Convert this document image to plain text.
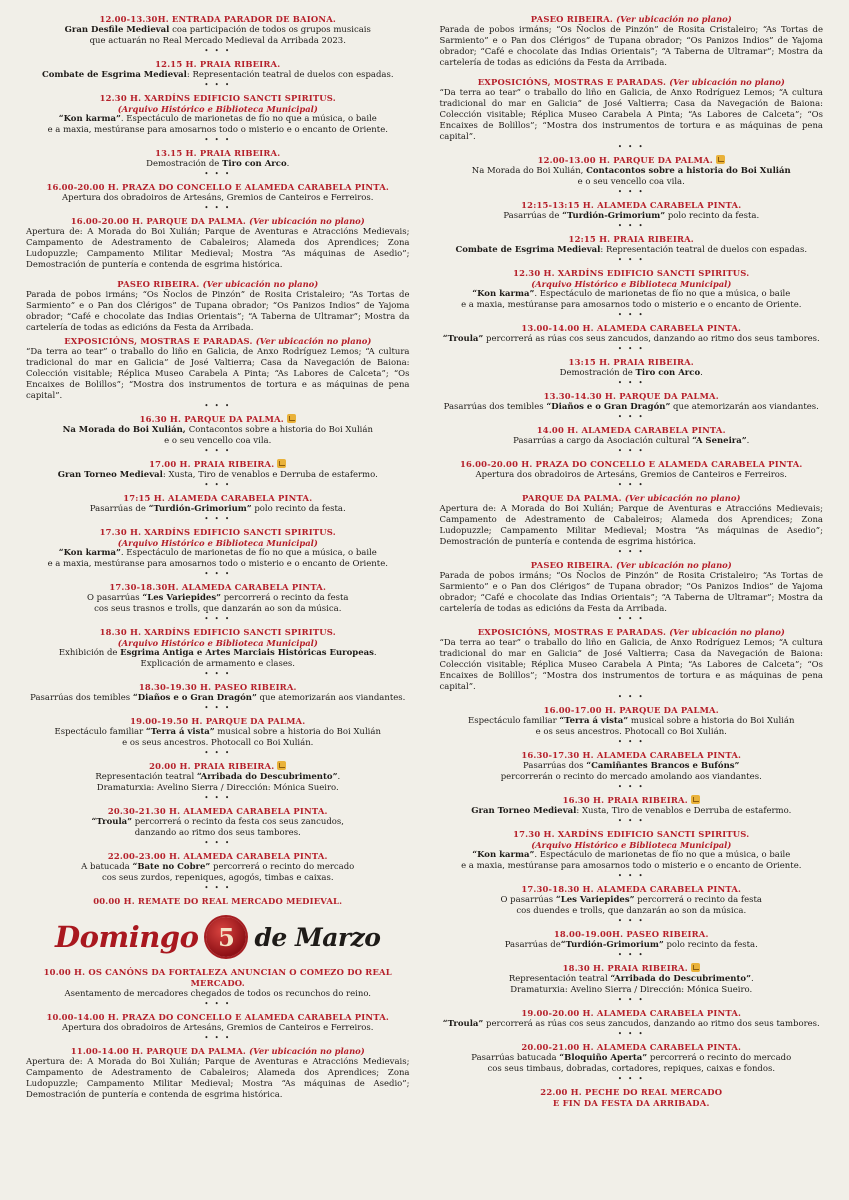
12.00-13.30H. ENTRADA PARADOR DE BAIONA.
Gran Desfile Medieval coa participación de todos os grupos musicais
que actuarán no Real Mercado Medieval da Arribada 2023.
• • •
12.15 H. PRAIA RIBEIRA.
Combate de Esgrima Medieval: Representación teatral de duelos con espadas.
• • •
12.30 H. XARDÍNS EDIFICIO SANCTI SPIRITUS.
(Arquivo Histórico e Biblioteca Municipal)
“Kon karma”. Espectáculo de marionetas de fío no que a música, o baile
e a maxia, mestúranse para amosarnos todo o misterio e o encanto de Oriente.
• • •
13.15 H. PRAIA RIBEIRA.
Demostración de Tiro con Arco.
• • •
16.00-20.00 H. PRAZA DO CONCELLO E ALAMEDA CARABELA PINTA.
Apertura dos obradoiros de Artesáns, Gremios de Canteiros e Ferreiros.
• • •
16.00-20.00 H. PARQUE DA PALMA. (Ver ubicación no plano)
Apertura de: A Morada do Boi Xulián; Parque de Aventuras e Atraccións Medievais; Campamento de Adestramento de Cabaleiros; Alameda dos Aprendices; Zona Ludopuzzle; Campamento Militar Medieval; Mostra “As máquinas de Asedio”; Demostración de puntería e contenda de esgrima histórica.
PASEO RIBEIRA. (Ver ubicación no plano)
Parada de pobos irmáns; “Os Ñoclos de Pinzón” de Rosita Cristaleiro; “As Tortas de Sarmiento” e o Pan dos Clérigos” de Tupana obrador; “Os Panizos Indios” de Yajoma obrador; “Café e chocolate das Indias Orientais”; “A Taberna de Ultramar”; Mostra da cartelería de todas as edicións da Festa da Arribada.
EXPOSICIÓNS, MOSTRAS E PARADAS. (Ver ubicación no plano)
“Da terra ao tear” o traballo do liño en Galicia, de Anxo Rodríguez Lemos; “A cultura tradicional do mar en Galicia” de José Valtierra; Casa da Navegación de Baiona: Colección visitable; Réplica Museo Carabela A Pinta; “As Labores de Calceta”; “Os Encaixes de Bolillos”; “Mostra dos instrumentos de tortura e as máquinas de pena capital”.
• • •
16.30 H. PARQUE DA PALMA.
Na Morada do Boi Xulián, Contacontos sobre a historia do Boi Xulián
e o seu vencello coa vila.
• • •
17.00 H. PRAIA RIBEIRA.
Gran Torneo Medieval: Xusta, Tiro de venablos e Derruba de estafermo.
• • •
17:15 H. ALAMEDA CARABELA PINTA.
Pasarrúas de “Turdión-Grimorium” polo recinto da festa.
• • •
17.30 H. XARDÍNS EDIFICIO SANCTI SPIRITUS.
(Arquivo Histórico e Biblioteca Municipal)
“Kon karma”. Espectáculo de marionetas de fío no que a música, o baile
e a maxia, mestúranse para amosarnos todo o misterio e o encanto de Oriente.
• • •
17.30-18.30H. ALAMEDA CARABELA PINTA.
O pasarrúas “Les Variepides” percorrerá o recinto da festa
cos seus trasnos e trolls, que danzarán ao son da música.
• • •
18.30 H. XARDÍNS EDIFICIO SANCTI SPIRITUS.
(Arquivo Histórico e Biblioteca Municipal)
Exhibición de Esgrima Antiga e Artes Marciais Históricas Europeas.
Explicación de armamento e clases.
• • •
18.30-19.30 H. PASEO RIBEIRA.
Pasarrúas dos temibles “Diaños e o Gran Dragón” que atemorizarán aos viandantes.
• • •
19.00-19.50 H. PARQUE DA PALMA.
Espectáculo familiar “Terra á vista” musical sobre a historia do Boi Xulián
e os seus ancestros. Photocall co Boi Xulián.
• • •
20.00 H. PRAIA RIBEIRA.
Representación teatral “Arribada do Descubrimento”.
Dramaturxia: Avelino Sierra / Dirección: Mónica Sueiro.
• • •
20.30-21.30 H. ALAMEDA CARABELA PINTA.
“Troula” percorrerá o recinto da festa cos seus zancudos,
danzando ao ritmo dos seus tambores.
• • •
22.00-23.00 H. ALAMEDA CARABELA PINTA.
A batucada “Bate no Cobre” percorrerá o recinto do mercado
cos seus zurdos, repeniques, agogós, timbas e caixas.
• • •
00.00 H. REMATE DO REAL MERCADO MEDIEVAL.
Domingo 5 de Marzo
10.00 H. OS CANÓNS DA FORTALEZA ANUNCIAN O COMEZO DO REAL MERCADO.
Asentamento de mercadores chegados de todos os recunchos do reino.
• • •
10.00-14.00 H. PRAZA DO CONCELLO E ALAMEDA CARABELA PINTA.
Apertura dos obradoiros de Artesáns, Gremios de Canteiros e Ferreiros.
• • •
11.00-14.00 H. PARQUE DA PALMA. (Ver ubicación no plano)
Apertura de: A Morada do Boi Xulián; Parque de Aventuras e Atraccións Medievais; Campamento de Adestramento de Cabaleiros; Alameda dos Aprendices; Zona Ludopuzzle; Campamento Militar Medieval; Mostra “As máquinas de Asedio”; Demostración de puntería e contenda de esgrima histórica.
PASEO RIBEIRA. (Ver ubicación no plano)
Parada de pobos irmáns; “Os Ñoclos de Pinzón” de Rosita Cristaleiro; “As Tortas de Sarmiento” e o Pan dos Clérigos” de Tupana obrador; “Os Panizos Indios” de Yajoma obrador; “Café e chocolate das Indias Orientais”; “A Taberna de Ultramar”; Mostra da cartelería de todas as edicións da Festa da Arribada.
EXPOSICIÓNS, MOSTRAS E PARADAS. (Ver ubicación no plano)
“Da terra ao tear” o traballo do liño en Galicia, de Anxo Rodríguez Lemos; “A cultura tradicional do mar en Galicia” de José Valtierra; Casa da Navegación de Baiona: Colección visitable; Réplica Museo Carabela A Pinta; “As Labores de Calceta”; “Os Encaixes de Bolillos”; “Mostra dos instrumentos de tortura e as máquinas de pena capital”.
• • •
12.00-13.00 H. PARQUE DA PALMA.
Na Morada do Boi Xulián, Contacontos sobre a historia do Boi Xulián
e o seu vencello coa vila.
• • •
12:15-13:15 H. ALAMEDA CARABELA PINTA.
Pasarrúas de “Turdión-Grimorium” polo recinto da festa.
• • •
12:15 H. PRAIA RIBEIRA.
Combate de Esgrima Medieval: Representación teatral de duelos con espadas.
• • •
12.30 H. XARDÍNS EDIFICIO SANCTI SPIRITUS.
(Arquivo Histórico e Biblioteca Municipal)
“Kon karma”. Espectáculo de marionetas de fío no que a música, o baile
e a maxia, mestúranse para amosarnos todo o misterio e o encanto de Oriente.
• • •
13.00-14.00 H. ALAMEDA CARABELA PINTA.
“Troula” percorrerá as rúas cos seus zancudos, danzando ao ritmo dos seus tambores.
• • •
13:15 H. PRAIA RIBEIRA.
Demostración de Tiro con Arco.
• • •
13.30-14.30 H. PARQUE DA PALMA.
Pasarrúas dos temibles “Diaños e o Gran Dragón” que atemorizarán aos viandantes.
• • •
14.00 H. ALAMEDA CARABELA PINTA.
Pasarrúas a cargo da Asociación cultural “A Seneira”.
• • •
16.00-20.00 H. PRAZA DO CONCELLO E ALAMEDA CARABELA PINTA.
Apertura dos obradoiros de Artesáns, Gremios de Canteiros e Ferreiros.
• • •
PARQUE DA PALMA. (Ver ubicación no plano)
Apertura de: A Morada do Boi Xulián; Parque de Aventuras e Atraccións Medievais; Campamento de Adestramento de Cabaleiros; Alameda dos Aprendices; Zona Ludopuzzle; Campamento Militar Medieval; Mostra “As máquinas de Asedio”; Demostración de puntería e contenda de esgrima histórica.
• • •
PASEO RIBEIRA. (Ver ubicación no plano)
Parada de pobos irmáns; “Os Ñoclos de Pinzón” de Rosita Cristaleiro; “As Tortas de Sarmiento” e o Pan dos Clérigos” de Tupana obrador; “Os Panizos Indios” de Yajoma obrador; “Café e chocolate das Indias Orientais”; “A Taberna de Ultramar”; Mostra da cartelería de todas as edicións da Festa da Arribada.
• • •
EXPOSICIÓNS, MOSTRAS E PARADAS. (Ver ubicación no plano)
“Da terra ao tear” o traballo do liño en Galicia, de Anxo Rodríguez Lemos; “A cultura tradicional do mar en Galicia” de José Valtierra; Casa da Navegación de Baiona: Colección visitable; Réplica Museo Carabela A Pinta; “As Labores de Calceta”; “Os Encaixes de Bolillos”; “Mostra dos instrumentos de tortura e as máquinas de pena capital”.
• • •
16.00-17.00 H. PARQUE DA PALMA.
Espectáculo familiar “Terra á vista” musical sobre a historia do Boi Xulián
e os seus ancestros. Photocall co Boi Xulián.
• • •
16.30-17.30 H. ALAMEDA CARABELA PINTA.
Pasarrúas dos “Camiñantes Brancos e Bufóns”
percorrerán o recinto do mercado amolando aos viandantes.
• • •
16.30 H. PRAIA RIBEIRA.
Gran Torneo Medieval: Xusta, Tiro de venablos e Derruba de estafermo.
• • •
17.30 H. XARDÍNS EDIFICIO SANCTI SPIRITUS.
(Arquivo Histórico e Biblioteca Municipal)
“Kon karma”. Espectáculo de marionetas de fío no que a música, o baile
e a maxia, mestúranse para amosarnos todo o misterio e o encanto de Oriente.
• • •
17.30-18.30 H. ALAMEDA CARABELA PINTA.
O pasarrúas “Les Variepides” percorrerá o recinto da festa
cos duendes e trolls, que danzarán ao son da música.
• • •
18.00-19.00H. PASEO RIBEIRA.
Pasarrúas de“Turdión-Grimorium” polo recinto da festa.
• • •
18.30 H. PRAIA RIBEIRA.
Representación teatral “Arribada do Descubrimento”.
Dramaturxia: Avelino Sierra / Dirección: Mónica Sueiro.
• • •
19.00-20.00 H. ALAMEDA CARABELA PINTA.
“Troula” percorrerá as rúas cos seus zancudos, danzando ao ritmo dos seus tambores.
• • •
20.00-21.00 H. ALAMEDA CARABELA PINTA.
Pasarrúas batucada “Bloquiño Aperta” percorrerá o recinto do mercado
cos seus timbaus, dobradas, cortadores, repiques, caixas e fondos.
• • •
22.00 H. PECHE DO REAL MERCADO
E FIN DA FESTA DA ARRIBADA.
